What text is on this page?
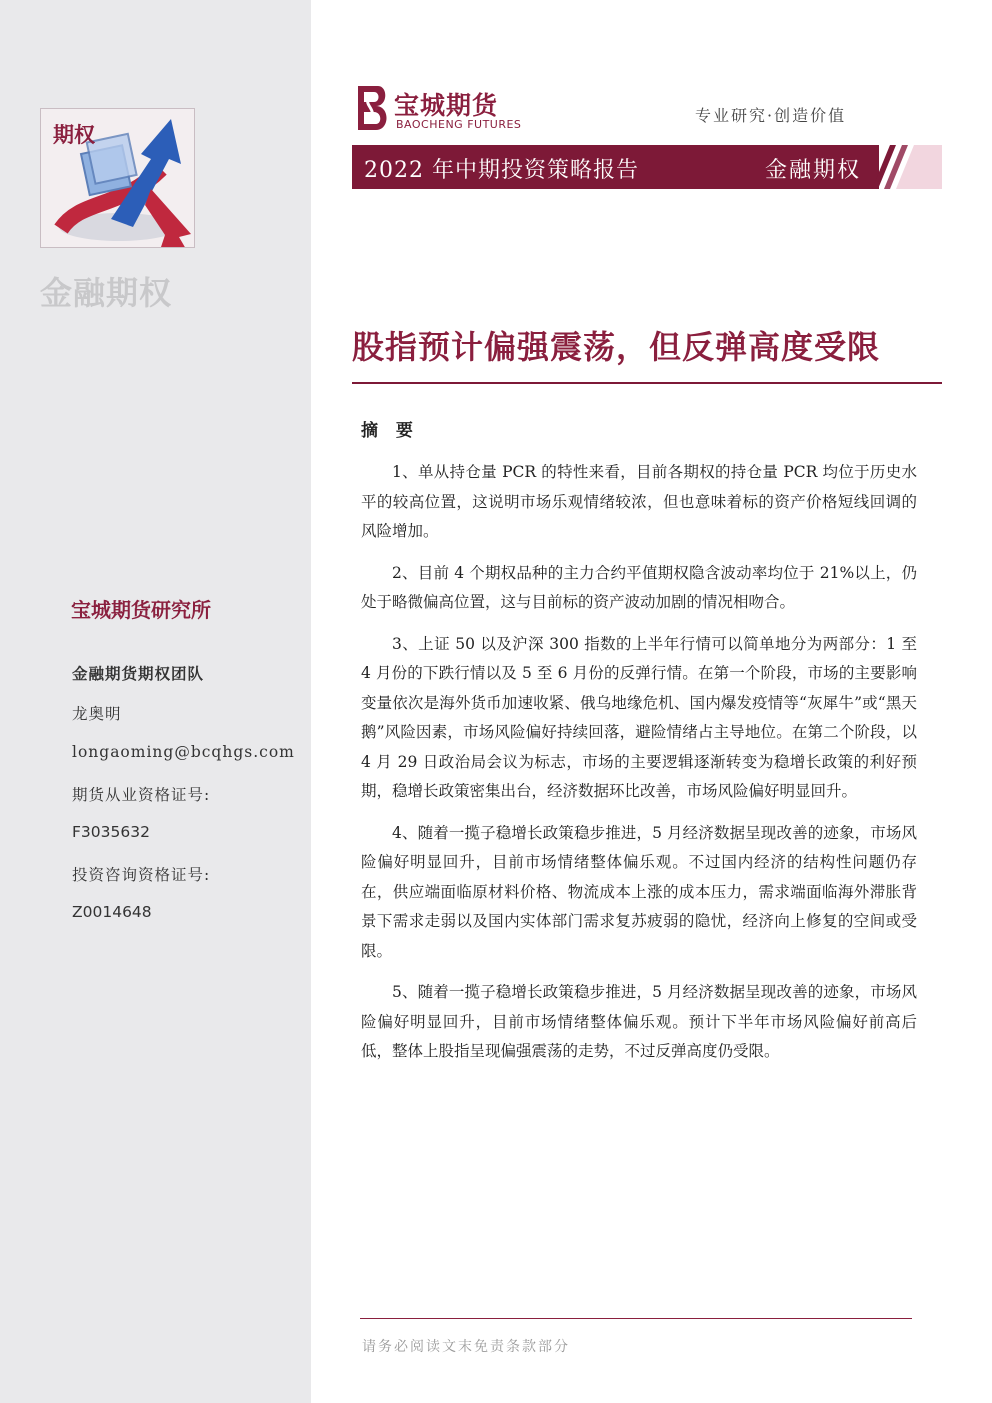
期权
金融期权
宝城期货研究所
金融期货期权团队
龙奥明
longaoming@bcqhgs.com
期货从业资格证号:
F3035632
投资咨询资格证号:
Z0014648
宝城期货
BAOCHENG FUTURES	专业研究·创造价值
2022 年中期投资策略报告	金融期权
股指预计偏强震荡，但反弹高度受限
摘 要

1、单从持仓量 PCR 的特性来看，目前各期权的持仓量 PCR 均位于历史水平的较高位置，这说明市场乐观情绪较浓，但也意味着标的资产价格短线回调的风险增加。

2、目前 4 个期权品种的主力合约平值期权隐含波动率均位于 21%以上，仍处于略微偏高位置，这与目前标的资产波动加剧的情况相吻合。

3、上证 50 以及沪深 300 指数的上半年行情可以简单地分为两部分：1 至 4 月份的下跌行情以及 5 至 6 月份的反弹行情。在第一个阶段，市场的主要影响变量依次是海外货币加速收紧、俄乌地缘危机、国内爆发疫情等“灰犀牛”或“黑天鹅”风险因素，市场风险偏好持续回落，避险情绪占主导地位。在第二个阶段，以 4 月 29 日政治局会议为标志，市场的主要逻辑逐渐转变为稳增长政策的利好预期，稳增长政策密集出台，经济数据环比改善，市场风险偏好明显回升。

4、随着一揽子稳增长政策稳步推进，5 月经济数据呈现改善的迹象，市场风险偏好明显回升，目前市场情绪整体偏乐观。不过国内经济的结构性问题仍存在，供应端面临原材料价格、物流成本上涨的成本压力，需求端面临海外滞胀背景下需求走弱以及国内实体部门需求复苏疲弱的隐忧，经济向上修复的空间或受限。

5、随着一揽子稳增长政策稳步推进，5 月经济数据呈现改善的迹象，市场风险偏好明显回升，目前市场情绪整体偏乐观。预计下半年市场风险偏好前高后低，整体上股指呈现偏强震荡的走势，不过反弹高度仍受限。

请务必阅读文末免责条款部分
